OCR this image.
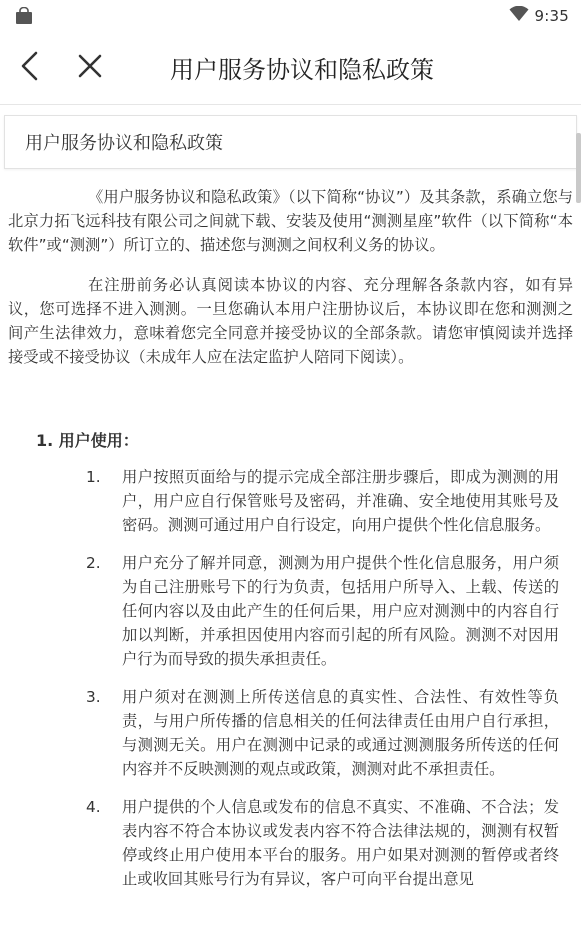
9:35
用户服务协议和隐私政策
用户服务协议和隐私政策

《用户服务协议和隐私政策》（以下简称“协议”）及其条款，系确立您与北京力拓飞远科技有限公司之间就下载、安装及使用“测测星座”软件（以下简称“本软件”或“测测”）所订立的、描述您与测测之间权利义务的协议。

在注册前务必认真阅读本协议的内容、充分理解各条款内容，如有异议，您可选择不进入测测。一旦您确认本用户注册协议后，本协议即在您和测测之间产生法律效力，意味着您完全同意并接受协议的全部条款。请您审慎阅读并选择接受或不接受协议（未成年人应在法定监护人陪同下阅读）。

1. 用户使用：
1.	用户按照页面给与的提示完成全部注册步骤后，即成为测测的用户，用户应自行保管账号及密码，并准确、安全地使用其账号及密码。测测可通过用户自行设定，向用户提供个性化信息服务。
2.	用户充分了解并同意，测测为用户提供个性化信息服务，用户须为自己注册账号下的行为负责，包括用户所导入、上载、传送的任何内容以及由此产生的任何后果，用户应对测测中的内容自行加以判断，并承担因使用内容而引起的所有风险。测测不对因用户行为而导致的损失承担责任。
3.	用户须对在测测上所传送信息的真实性、合法性、有效性等负责，与用户所传播的信息相关的任何法律责任由用户自行承担，与测测无关。用户在测测中记录的或通过测测服务所传送的任何内容并不反映测测的观点或政策，测测对此不承担责任。
4.	用户提供的个人信息或发布的信息不真实、不准确、不合法；发表内容不符合本协议或发表内容不符合法律法规的，测测有权暂停或终止用户使用本平台的服务。用户如果对测测的暂停或者终止或收回其账号行为有异议，客户可向平台提出意见
